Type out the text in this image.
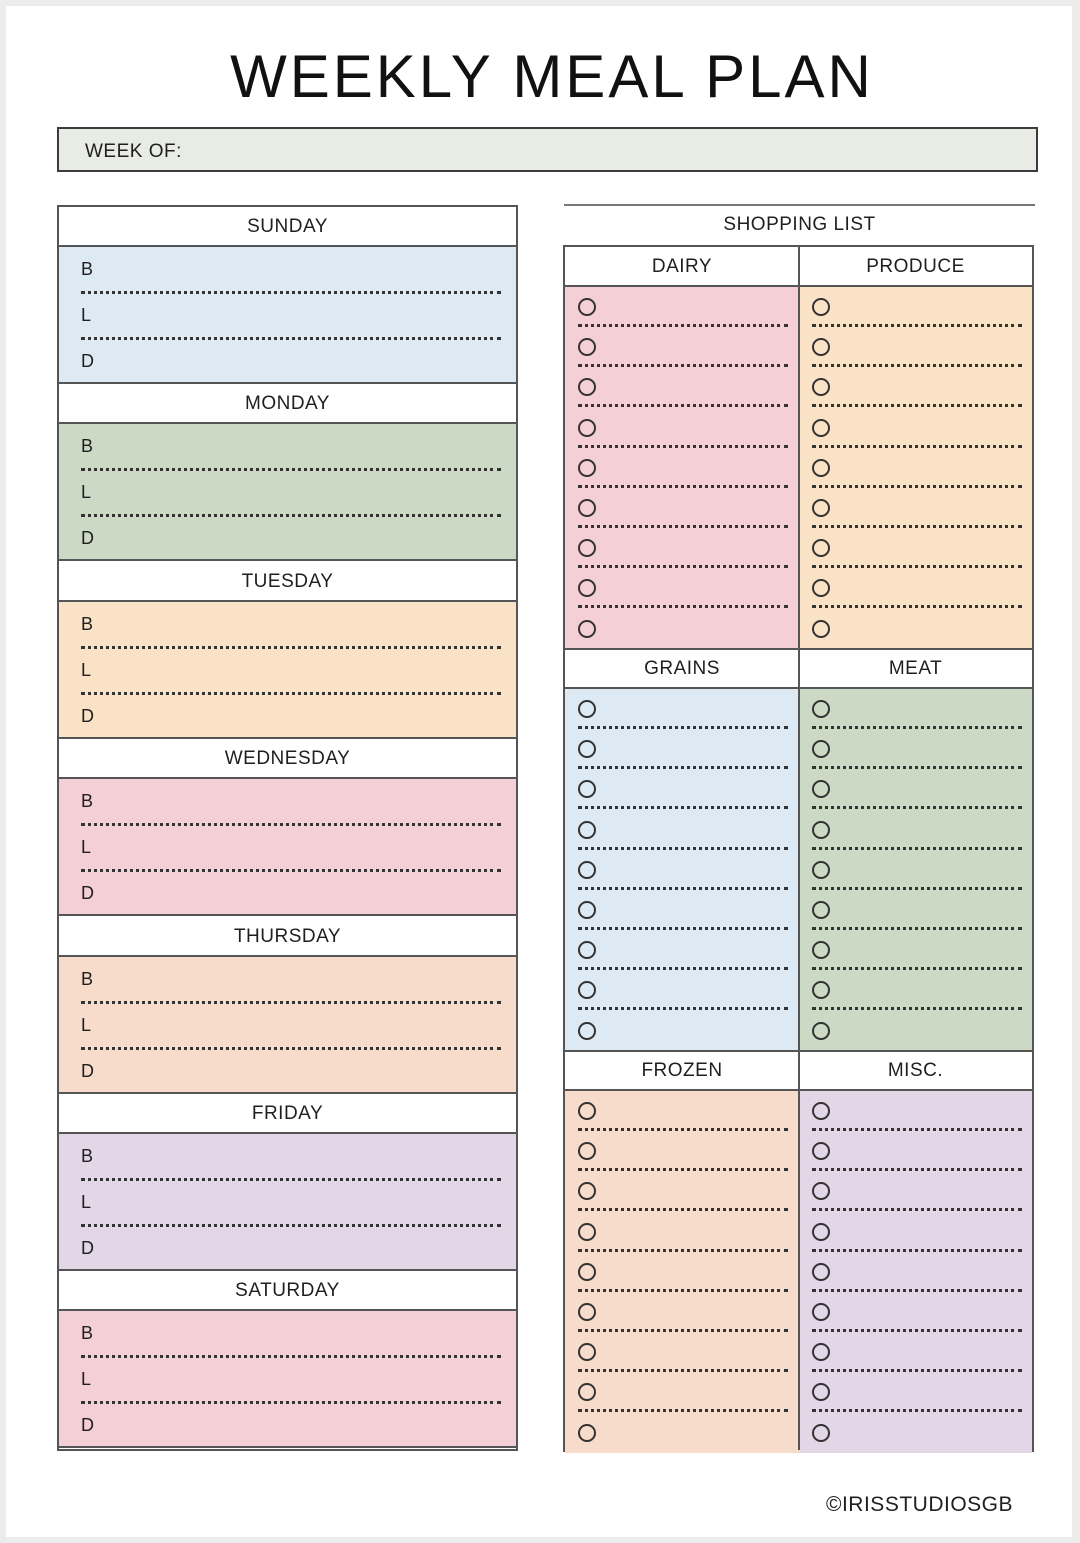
WEEKLY MEAL PLAN
WEEK OF:
SUNDAY
B
L
D
MONDAY
B
L
D
TUESDAY
B
L
D
WEDNESDAY
B
L
D
THURSDAY
B
L
D
FRIDAY
B
L
D
SATURDAY
B
L
D
SHOPPING LIST
DAIRY	PRODUCE
GRAINS	MEAT
FROZEN	MISC.
©IRISSTUDIOSGB
